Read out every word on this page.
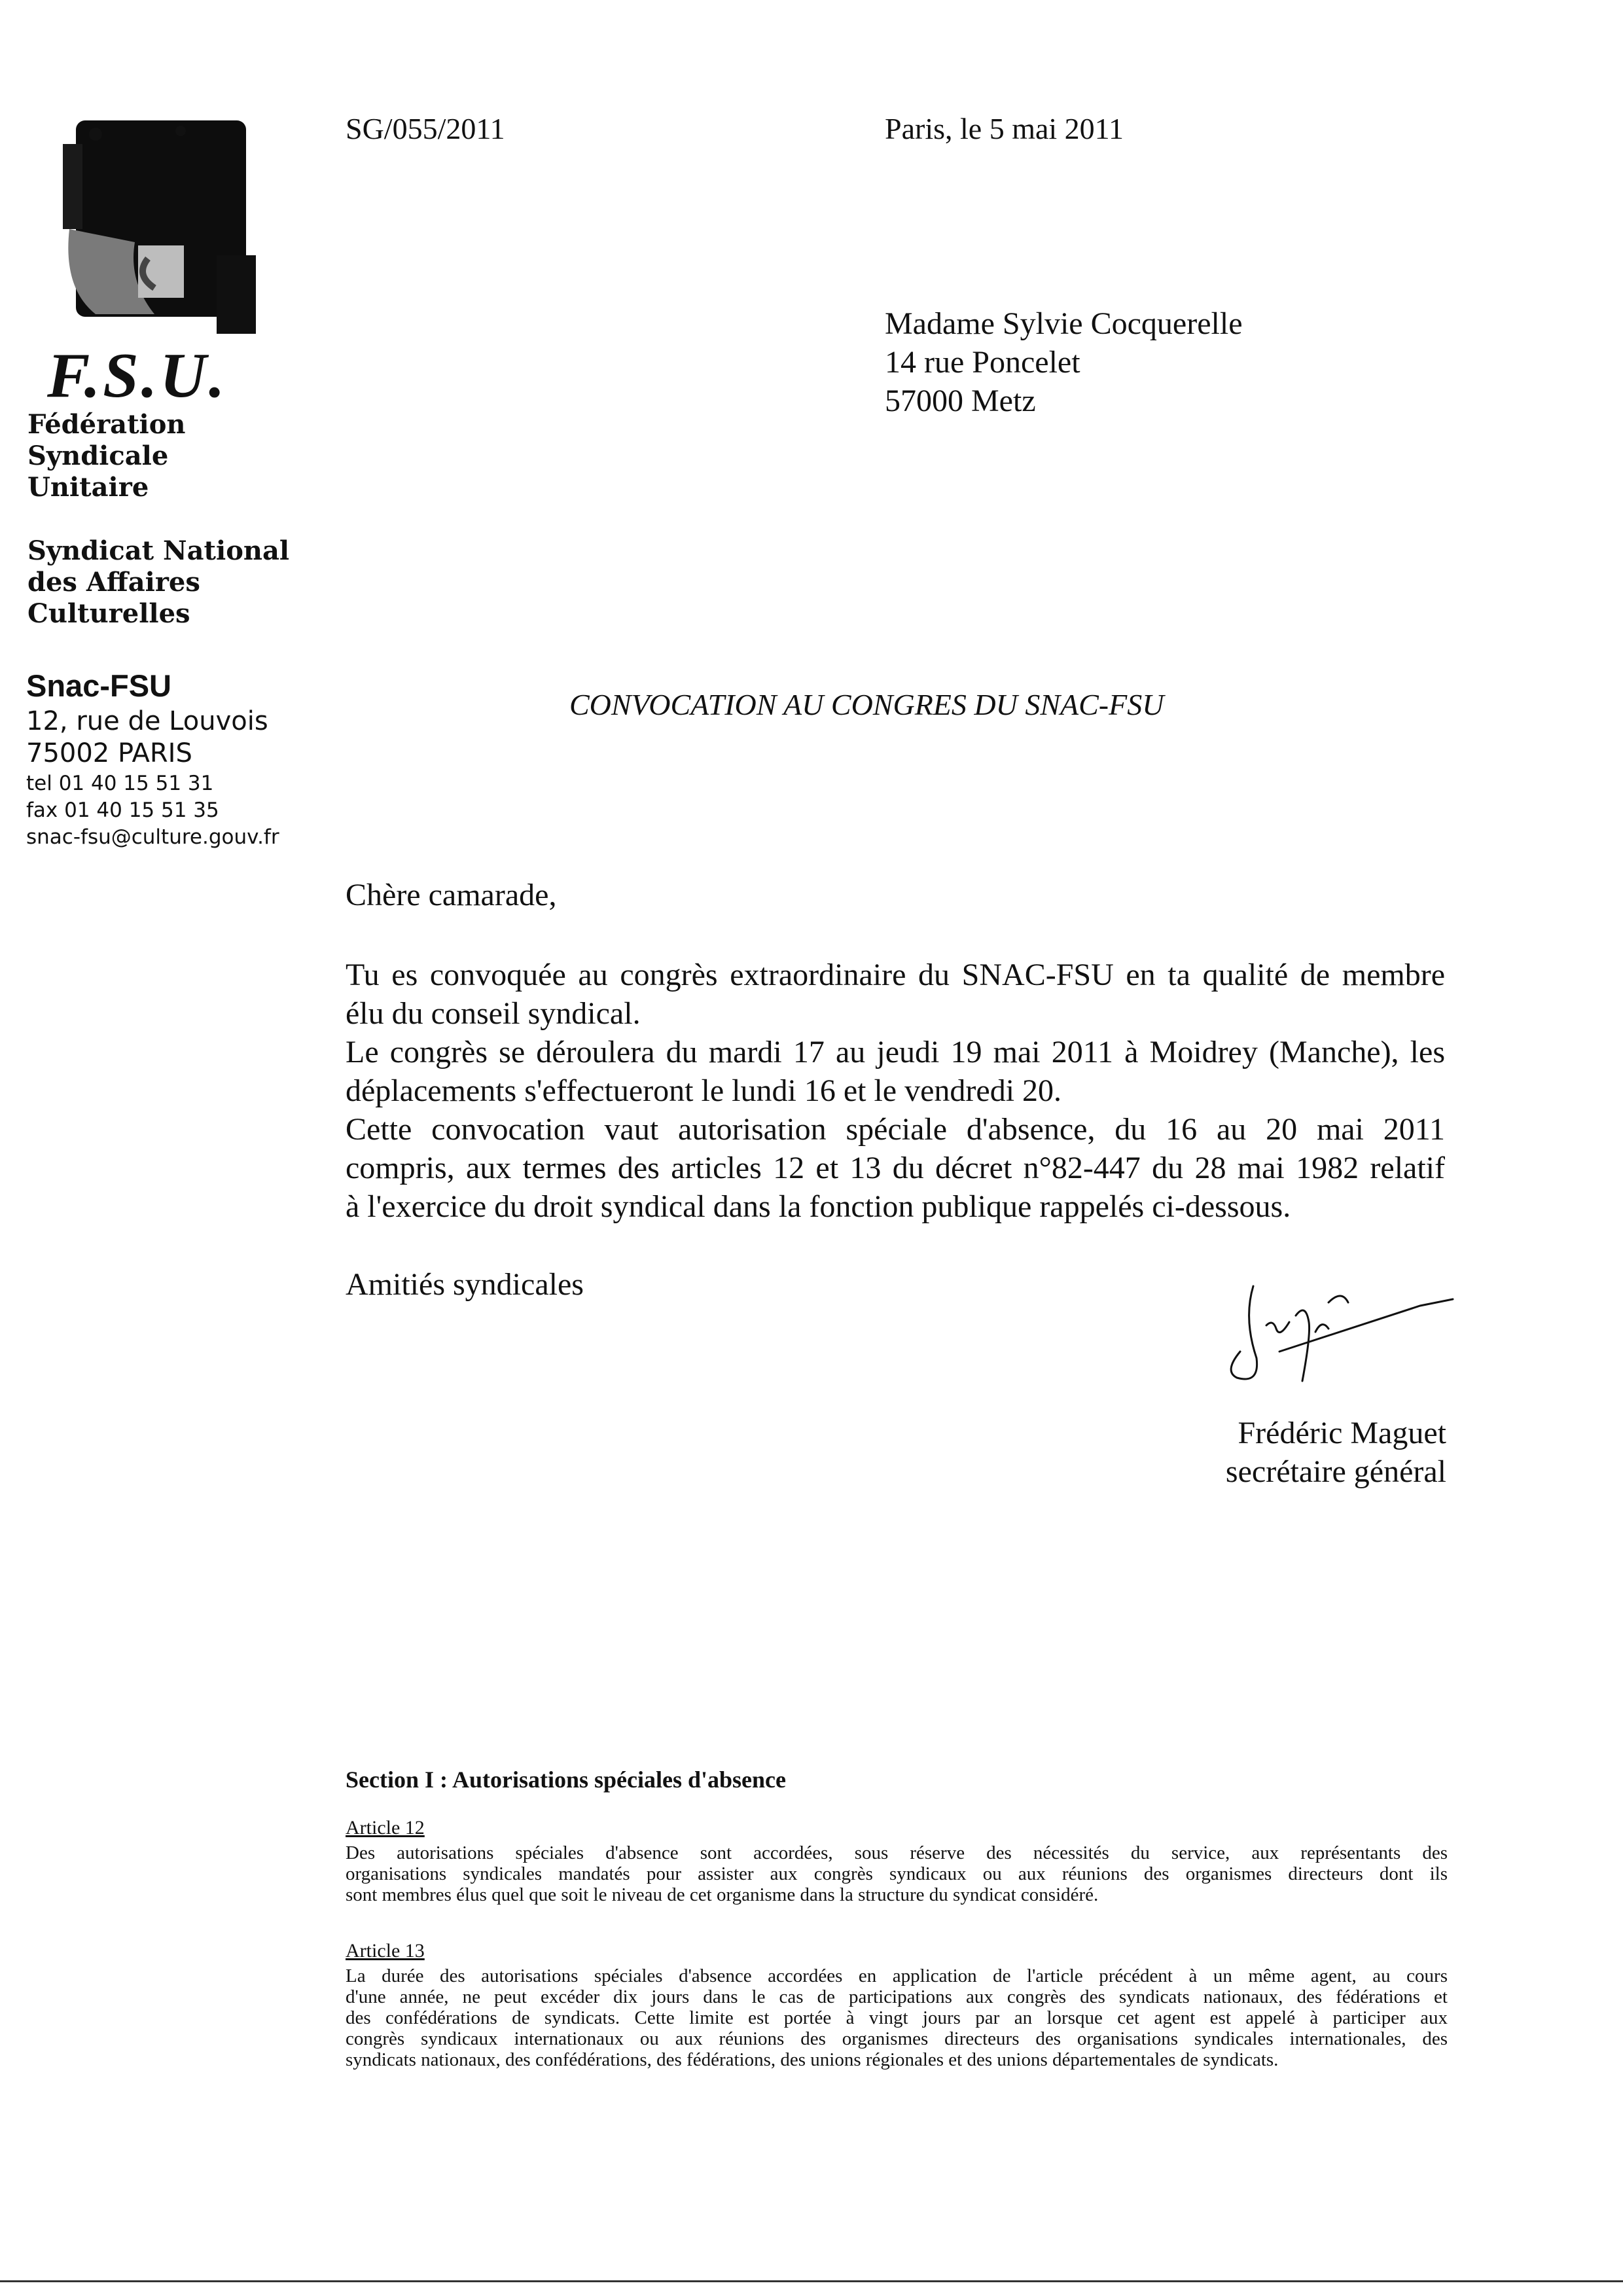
F.S.U.
Fédération
Syndicale
Unitaire
Syndicat National
des Affaires
Culturelles
Snac-FSU
12, rue de Louvois
75002 PARIS
tel 01 40 15 51 31
fax 01 40 15 51 35
snac-fsu@culture.gouv.fr
SG/055/2011	Paris, le 5 mai 2011
Madame Sylvie Cocquerelle
14 rue Poncelet
57000 Metz
CONVOCATION AU CONGRES DU SNAC-FSU
Chère camarade,
Tu es convoquée au congrès extraordinaire du SNAC-FSU en ta qualité de membre
élu du conseil syndical.
Le congrès se déroulera du mardi 17 au jeudi 19 mai 2011 à Moidrey (Manche), les
déplacements s'effectueront le lundi 16 et le vendredi 20.
Cette convocation vaut autorisation spéciale d'absence, du 16 au 20 mai 2011
compris, aux termes des articles 12 et 13 du décret n°82-447 du 28 mai 1982 relatif
à l'exercice du droit syndical dans la fonction publique rappelés ci-dessous.
Amitiés syndicales
Frédéric Maguet
secrétaire général
Section I : Autorisations spéciales d'absence
Article 12
Des autorisations spéciales d'absence sont accordées, sous réserve des nécessités du service, aux représentants des
organisations syndicales mandatés pour assister aux congrès syndicaux ou aux réunions des organismes directeurs dont ils
sont membres élus quel que soit le niveau de cet organisme dans la structure du syndicat considéré.
Article 13
La durée des autorisations spéciales d'absence accordées en application de l'article précédent à un même agent, au cours
d'une année, ne peut excéder dix jours dans le cas de participations aux congrès des syndicats nationaux, des fédérations et
des confédérations de syndicats. Cette limite est portée à vingt jours par an lorsque cet agent est appelé à participer aux
congrès syndicaux internationaux ou aux réunions des organismes directeurs des organisations syndicales internationales, des
syndicats nationaux, des confédérations, des fédérations, des unions régionales et des unions départementales de syndicats.
